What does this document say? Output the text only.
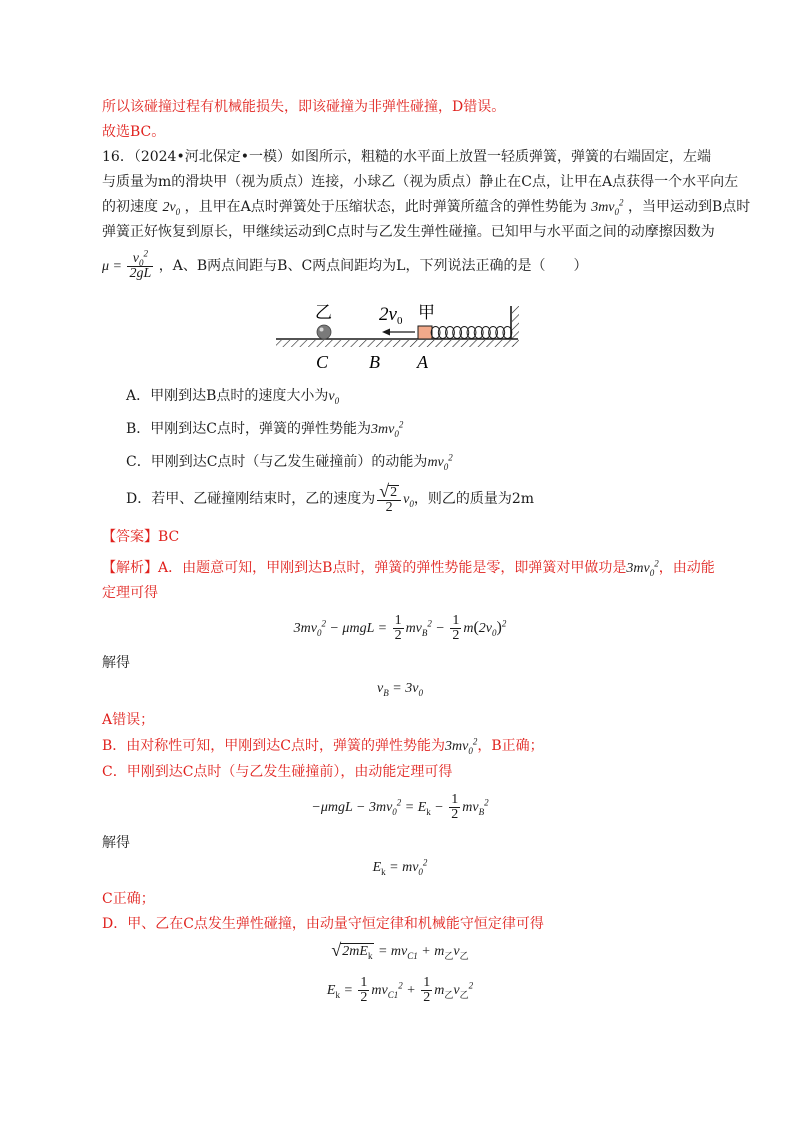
所以该碰撞过程有机械能损失，即该碰撞为非弹性碰撞，D错误。
故选BC。
16．（2024•河北保定•一模）如图所示，粗糙的水平面上放置一轻质弹簧，弹簧的右端固定，左端
与质量为m的滑块甲（视为质点）连接，小球乙（视为质点）静止在C点，让甲在A点获得一个水平向左
的初速度 $2v_0$ ，且甲在A点时弹簧处于压缩状态，此时弹簧所蕴含的弹性势能为 $3mv_0^2$ ，当甲运动到B点时
弹簧正好恢复到原长，甲继续运动到C点时与乙发生弹性碰撞。已知甲与水平面之间的动摩擦因数为
$\mu = \frac{v_0^2}{2gL}$ ，A、B两点间距与B、C两点间距均为L，下列说法正确的是（　　）
乙 $2v_0$ 甲
C B A
A．甲刚到达B点时的速度大小为$v_0$
B．甲刚到达C点时，弹簧的弹性势能为$3mv_0^2$
C．甲刚到达C点时（与乙发生碰撞前）的动能为$mv_0^2$
D．若甲、乙碰撞刚结束时，乙的速度为 $\frac{√2}{2} v_0$，则乙的质量为2m
【答案】BC
【解析】A．由题意可知，甲刚到达B点时，弹簧的弹性势能是零，即弹簧对甲做功是$3mv_0^2$，由动能
定理可得
$3mv_0^2 - \mu mgL = \frac{1}{2} mv_B^2 - \frac{1}{2} m(2v_0)^2$
解得
$v_B = 3v_0$
A错误；
B．由对称性可知，甲刚到达C点时，弹簧的弹性势能为$3mv_0^2$，B正确；
C．甲刚到达C点时（与乙发生碰撞前），由动能定理可得
$-\mu mgL - 3mv_0^2 = E_k - \frac{1}{2} mv_B^2$
解得
$E_k = mv_0^2$
C正确；
D．甲、乙在C点发生弹性碰撞，由动量守恒定律和机械能守恒定律可得
$√2mE_k = mv_{C1} + m_乙v_乙$
$E_k = \frac{1}{2} mv_{C1}^2 + \frac{1}{2} m_乙v_乙^2$
